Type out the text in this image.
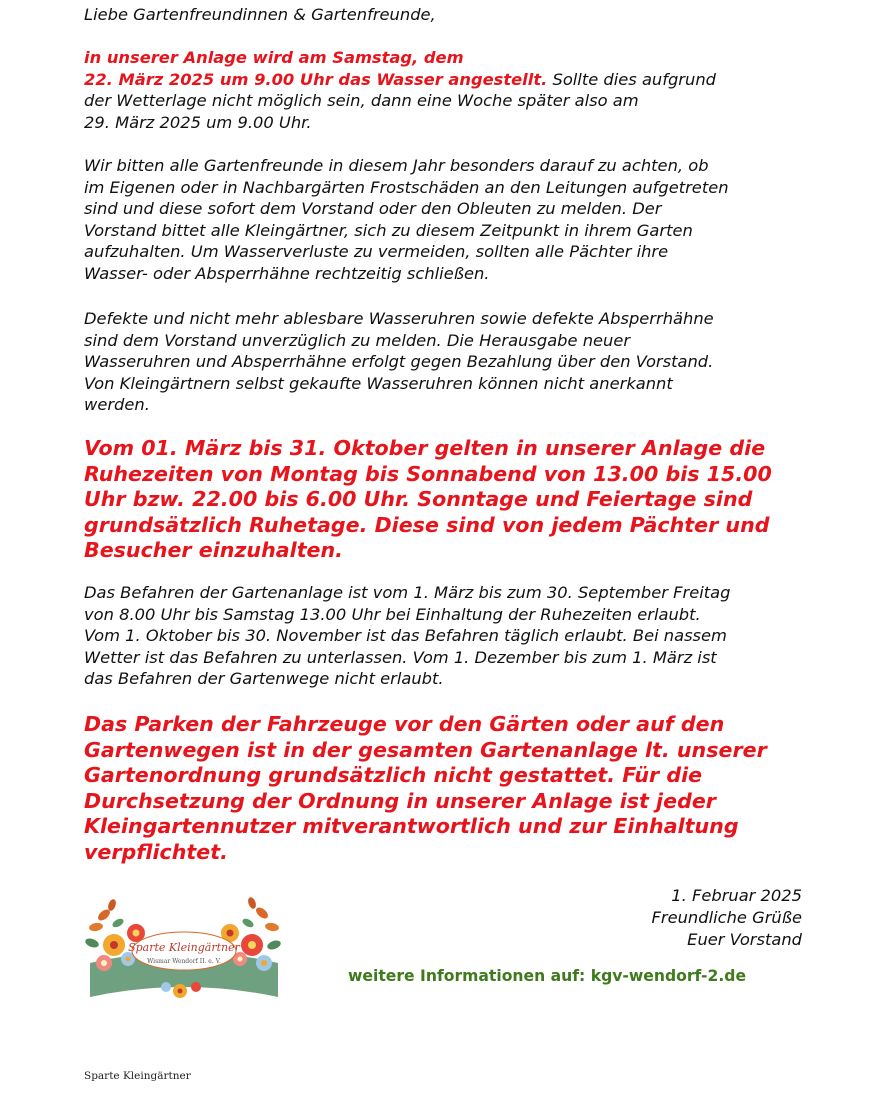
Liebe Gartenfreundinnen & Gartenfreunde,

in unserer Anlage wird am Samstag, dem
22. März 2025 um 9.00 Uhr das Wasser angestellt. Sollte dies aufgrund
der Wetterlage nicht möglich sein, dann eine Woche später also am
29. März 2025 um 9.00 Uhr.
Wir bitten alle Gartenfreunde in diesem Jahr besonders darauf zu achten, ob
im Eigenen oder in Nachbargärten Frostschäden an den Leitungen aufgetreten
sind und diese sofort dem Vorstand oder den Obleuten zu melden. Der
Vorstand bittet alle Kleingärtner, sich zu diesem Zeitpunkt in ihrem Garten
aufzuhalten. Um Wasserverluste zu vermeiden, sollten alle Pächter ihre
Wasser- oder Absperrhähne rechtzeitig schließen.
Defekte und nicht mehr ablesbare Wasseruhren sowie defekte Absperrhähne
sind dem Vorstand unverzüglich zu melden. Die Herausgabe neuer
Wasseruhren und Absperrhähne erfolgt gegen Bezahlung über den Vorstand.
Von Kleingärtnern selbst gekaufte Wasseruhren können nicht anerkannt
werden.
Vom 01. März bis 31. Oktober gelten in unserer Anlage die
Ruhezeiten von Montag bis Sonnabend von 13.00 bis 15.00
Uhr bzw. 22.00 bis 6.00 Uhr. Sonntage und Feiertage sind
grundsätzlich Ruhetage. Diese sind von jedem Pächter und
Besucher einzuhalten.
Das Befahren der Gartenanlage ist vom 1. März bis zum 30. September Freitag
von 8.00 Uhr bis Samstag 13.00 Uhr bei Einhaltung der Ruhezeiten erlaubt.
Vom 1. Oktober bis 30. November ist das Befahren täglich erlaubt. Bei nassem
Wetter ist das Befahren zu unterlassen. Vom 1. Dezember bis zum 1. März ist
das Befahren der Gartenwege nicht erlaubt.
Das Parken der Fahrzeuge vor den Gärten oder auf den
Gartenwegen ist in der gesamten Gartenanlage lt. unserer
Gartenordnung grundsätzlich nicht gestattet. Für die
Durchsetzung der Ordnung in unserer Anlage ist jeder
Kleingartennutzer mitverantwortlich und zur Einhaltung
verpflichtet.
1. Februar 2025
Freundliche Grüße
Euer Vorstand
Sparte Kleingärtner
Wismar Wendorf II. e. V.
weitere Informationen auf: kgv-wendorf-2.de
Sparte Kleingärtner
